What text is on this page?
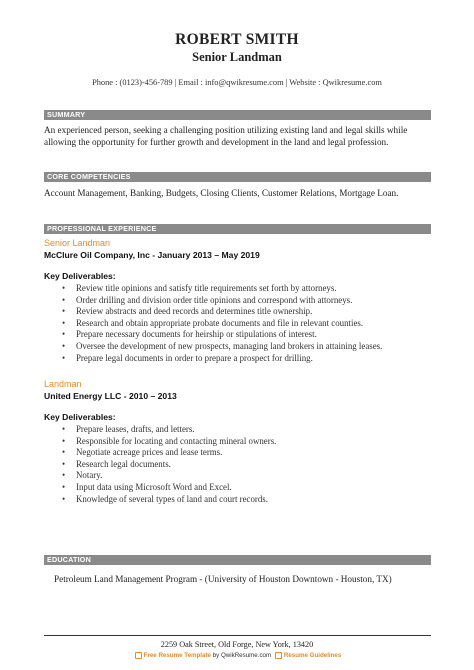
ROBERT SMITH
Senior Landman
Phone : (0123)-456-789 | Email : info@qwikresume.com | Website : Qwikresume.com
SUMMARY
An experienced person, seeking a challenging position utilizing existing land and legal skills while allowing the opportunity for further growth and development in the land and legal profession.
CORE COMPETENCIES
Account Management, Banking, Budgets, Closing Clients, Customer Relations, Mortgage Loan.
PROFESSIONAL EXPERIENCE
Senior Landman
McClure Oil Company, Inc - January 2013 – May 2019
Key Deliverables:
• Review title opinions and satisfy title requirements set forth by attorneys.
• Order drilling and division order title opinions and correspond with attorneys.
• Review abstracts and deed records and determines title ownership.
• Research and obtain appropriate probate documents and file in relevant counties.
• Prepare necessary documents for heirship or stipulations of interest.
• Oversee the development of new prospects, managing land brokers in attaining leases.
• Prepare legal documents in order to prepare a prospect for drilling.
Landman
United Energy LLC - 2010 – 2013
Key Deliverables:
• Prepare leases, drafts, and letters.
• Responsible for locating and contacting mineral owners.
• Negotiate acreage prices and lease terms.
• Research legal documents.
• Notary.
• Input data using Microsoft Word and Excel.
• Knowledge of several types of land and court records.
EDUCATION
Petroleum Land Management Program - (University of Houston Downtown - Houston, TX)
2259 Oak Street, Old Forge, New York, 13420
Free Resume Template by QwikResume.com Resume Guidelines
